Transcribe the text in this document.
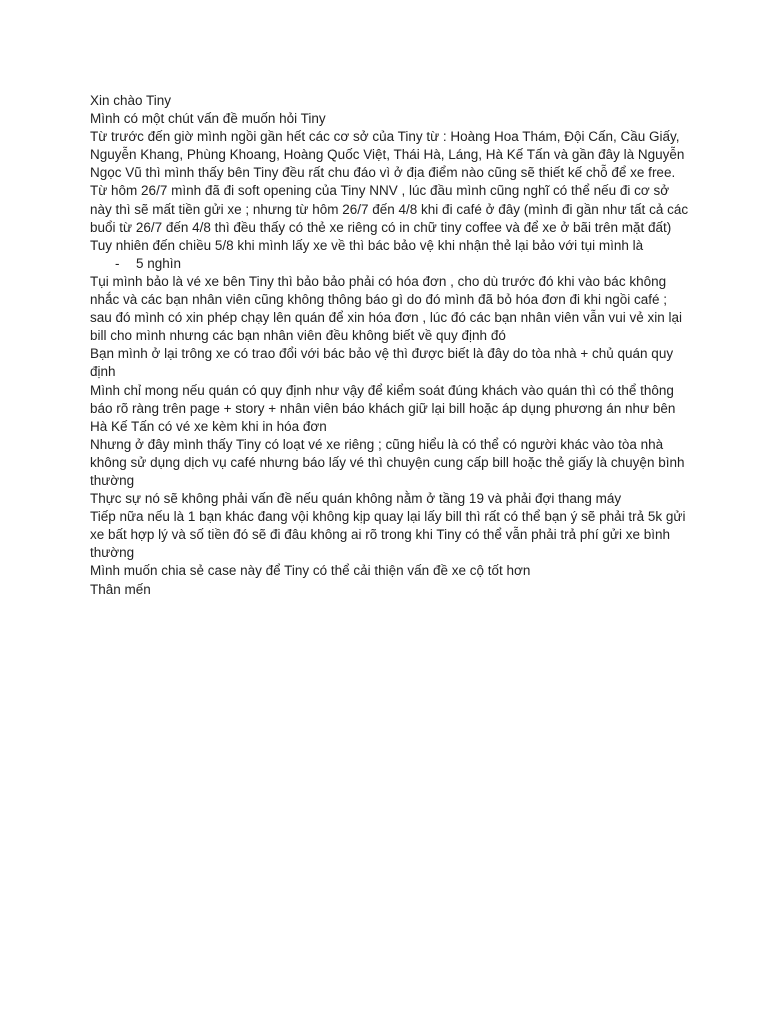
Xin chào Tiny

Mình có một chút vấn đề muốn hỏi Tiny

Từ trước đến giờ mình ngồi gần hết các cơ sở của Tiny từ : Hoàng Hoa Thám, Đội Cấn, Cầu Giấy, Nguyễn Khang, Phùng Khoang, Hoàng Quốc Việt, Thái Hà, Láng, Hà Kế Tấn và gần đây là Nguyễn Ngọc Vũ thì mình thấy bên Tiny đều rất chu đáo vì ở địa điểm nào cũng sẽ thiết kế chỗ để xe free.

Từ hôm 26/7 mình đã đi soft opening của Tiny NNV , lúc đầu mình cũng nghĩ có thể nếu đi cơ sở này thì sẽ mất tiền gửi xe ; nhưng từ hôm 26/7 đến 4/8 khi đi café ở đây (mình đi gần như tất cả các buổi từ 26/7 đến 4/8 thì đều thấy có thẻ xe riêng có in chữ tiny coffee và để xe ở bãi trên mặt đất)

Tuy nhiên đến chiều 5/8 khi mình lấy xe về thì bác bảo vệ khi nhận thẻ lại bảo với tụi mình là

- 5 nghìn

Tụi mình bảo là vé xe bên Tiny thì bảo bảo phải có hóa đơn , cho dù trước đó khi vào bác không nhắc và các bạn nhân viên cũng không thông báo gì do đó mình đã bỏ hóa đơn đi khi ngồi café ; sau đó mình có xin phép chạy lên quán để xin hóa đơn , lúc đó các bạn nhân viên vẫn vui vẻ xin lại bill cho mình nhưng các bạn nhân viên đều không biết về quy định đó

Bạn mình ở lại trông xe có trao đổi với bác bảo vệ thì được biết là đây do tòa nhà + chủ quán quy định

Mình chỉ mong nếu quán có quy định như vậy để kiểm soát đúng khách vào quán thì có thể thông báo rõ ràng trên page + story + nhân viên báo khách giữ lại bill hoặc áp dụng phương án như bên Hà Kế Tấn có vé xe kèm khi in hóa đơn

Nhưng ở đây mình thấy Tiny có loạt vé xe riêng ; cũng hiểu là có thể có người khác vào tòa nhà không sử dụng dịch vụ café nhưng báo lấy vé thì chuyện cung cấp bill hoặc thẻ giấy là chuyện bình thường

Thực sự nó sẽ không phải vấn đề nếu quán không nằm ở tầng 19 và phải đợi thang máy

Tiếp nữa nếu là 1 bạn khác đang vội không kịp quay lại lấy bill thì rất có thể bạn ý sẽ phải trả 5k gửi xe bất hợp lý và số tiền đó sẽ đi đâu không ai rõ trong khi Tiny có thể vẫn phải trả phí gửi xe bình thường

Mình muốn chia sẻ case này để Tiny có thể cải thiện vấn đề xe cộ tốt hơn

Thân mến
